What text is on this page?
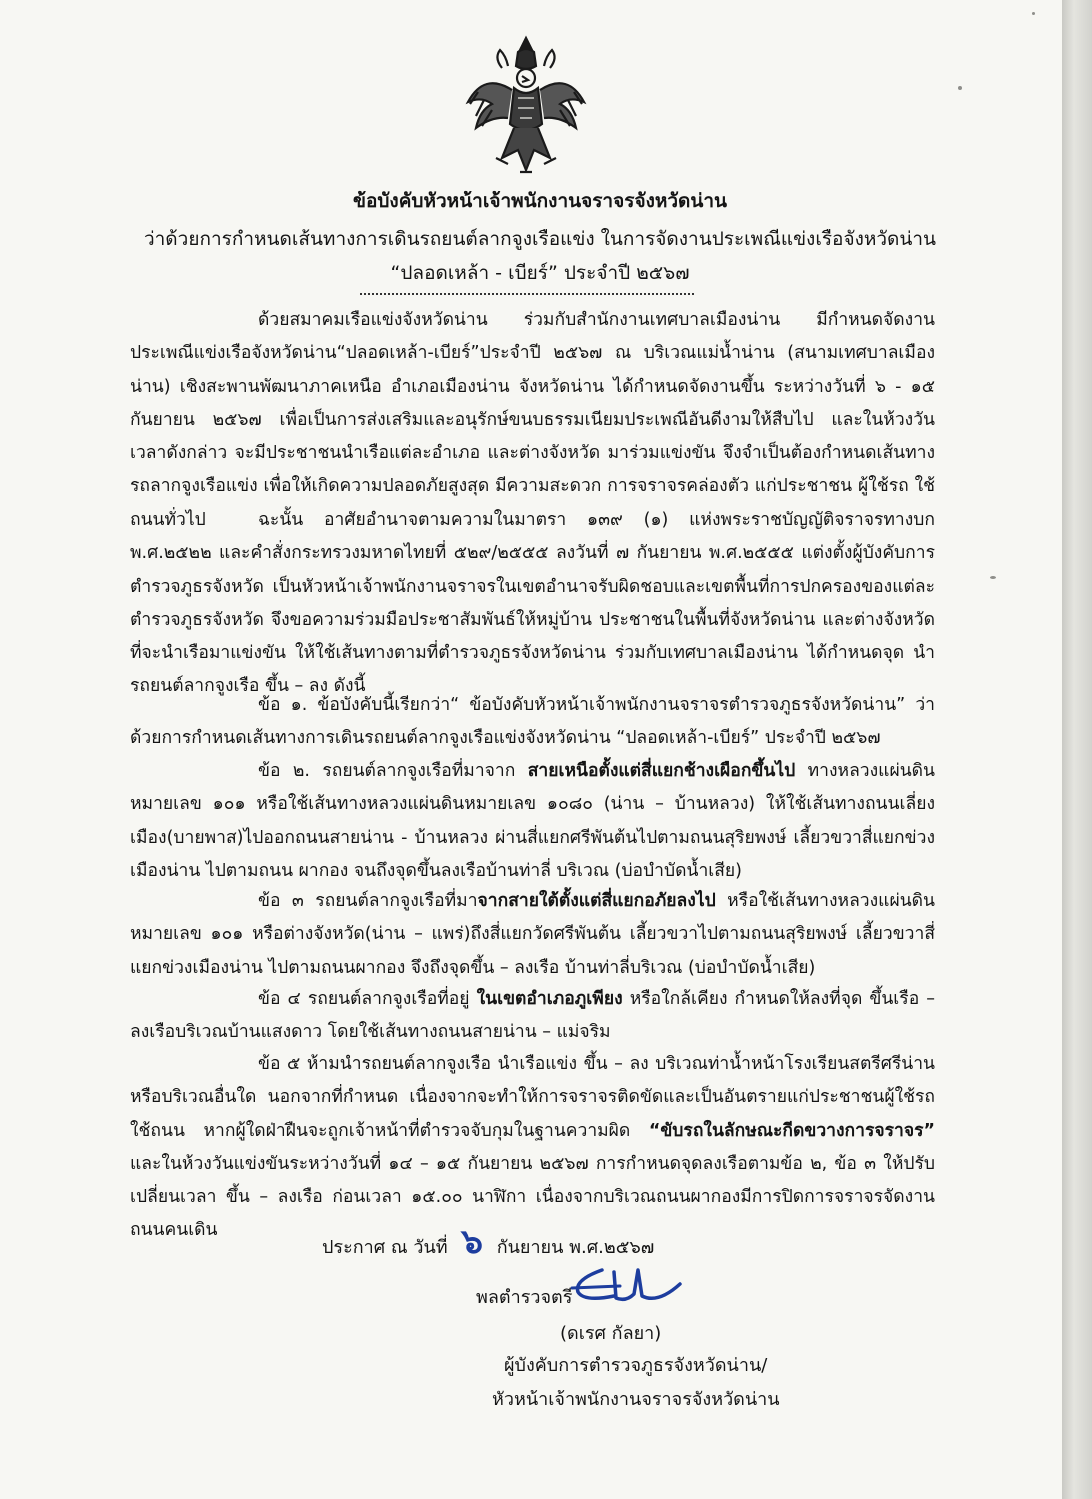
ข้อบังคับหัวหน้าเจ้าพนักงานจราจรจังหวัดน่าน
ว่าด้วยการกำหนดเส้นทางการเดินรถยนต์ลากจูงเรือแข่ง ในการจัดงานประเพณีแข่งเรือจังหวัดน่าน
“ปลอดเหล้า - เบียร์” ประจำปี ๒๕๖๗

ด้วยสมาคมเรือแข่งจังหวัดน่าน ร่วมกับสำนักงานเทศบาลเมืองน่าน มีกำหนดจัดงานประเพณีแข่งเรือจังหวัดน่าน“ปลอดเหล้า-เบียร์”ประจำปี ๒๕๖๗ ณ บริเวณแม่น้ำน่าน (สนามเทศบาลเมืองน่าน) เชิงสะพานพัฒนาภาคเหนือ อำเภอเมืองน่าน จังหวัดน่าน ได้กำหนดจัดงานขึ้น ระหว่างวันที่ ๖ - ๑๕ กันยายน ๒๕๖๗ เพื่อเป็นการส่งเสริมและอนุรักษ์ขนบธรรมเนียมประเพณีอันดีงามให้สืบไป และในห้วงวัน เวลาดังกล่าว จะมีประชาชนนำเรือแต่ละอำเภอ และต่างจังหวัด มาร่วมแข่งขัน จึงจำเป็นต้องกำหนดเส้นทางรถลากจูงเรือแข่ง เพื่อให้เกิดความปลอดภัยสูงสุด มีความสะดวก การจราจรคล่องตัว แก่ประชาชน ผู้ใช้รถ ใช้ถนนทั่วไป	ฉะนั้น อาศัยอำนาจตามความในมาตรา ๑๓๙ (๑) แห่งพระราชบัญญัติจราจรทางบก พ.ศ.๒๕๒๒ และคำสั่งกระทรวงมหาดไทยที่ ๕๒๙/๒๕๕๕ ลงวันที่ ๗ กันยายน พ.ศ.๒๕๕๕ แต่งตั้งผู้บังคับการตำรวจภูธรจังหวัด เป็นหัวหน้าเจ้าพนักงานจราจรในเขตอำนาจรับผิดชอบและเขตพื้นที่การปกครองของแต่ละตำรวจภูธรจังหวัด จึงขอความร่วมมือประชาสัมพันธ์ให้หมู่บ้าน ประชาชนในพื้นที่จังหวัดน่าน และต่างจังหวัด ที่จะนำเรือมาแข่งขัน ให้ใช้เส้นทางตามที่ตำรวจภูธรจังหวัดน่าน ร่วมกับเทศบาลเมืองน่าน ได้กำหนดจุด นำรถยนต์ลากจูงเรือ ขึ้น – ลง ดังนี้

ข้อ ๑. ข้อบังคับนี้เรียกว่า“ ข้อบังคับหัวหน้าเจ้าพนักงานจราจรตำรวจภูธรจังหวัดน่าน” ว่าด้วยการกำหนดเส้นทางการเดินรถยนต์ลากจูงเรือแข่งจังหวัดน่าน “ปลอดเหล้า-เบียร์” ประจำปี ๒๕๖๗

ข้อ ๒. รถยนต์ลากจูงเรือที่มาจาก สายเหนือตั้งแต่สี่แยกช้างเผือกขึ้นไป ทางหลวงแผ่นดินหมายเลข ๑๐๑ หรือใช้เส้นทางหลวงแผ่นดินหมายเลข ๑๐๘๐ (น่าน – บ้านหลวง) ให้ใช้เส้นทางถนนเลี่ยงเมือง(บายพาส)ไปออกถนนสายน่าน - บ้านหลวง ผ่านสี่แยกศรีพันต้นไปตามถนนสุริยพงษ์ เลี้ยวขวาสี่แยกข่วงเมืองน่าน ไปตามถนน ผากอง จนถึงจุดขึ้นลงเรือบ้านท่าลี่ บริเวณ (บ่อบำบัดน้ำเสีย)

ข้อ ๓ รถยนต์ลากจูงเรือที่มาจากสายใต้ตั้งแต่สี่แยกอภัยลงไป หรือใช้เส้นทางหลวงแผ่นดินหมายเลข ๑๐๑ หรือต่างจังหวัด(น่าน – แพร่)ถึงสี่แยกวัดศรีพันต้น เลี้ยวขวาไปตามถนนสุริยพงษ์ เลี้ยวขวาสี่แยกข่วงเมืองน่าน ไปตามถนนผากอง จึงถึงจุดขึ้น – ลงเรือ บ้านท่าลี่บริเวณ (บ่อบำบัดน้ำเสีย)

ข้อ ๔ รถยนต์ลากจูงเรือที่อยู่ ในเขตอำเภอภูเพียง หรือใกล้เคียง กำหนดให้ลงที่จุด ขึ้นเรือ – ลงเรือบริเวณบ้านแสงดาว โดยใช้เส้นทางถนนสายน่าน – แม่จริม

ข้อ ๕ ห้ามนำรถยนต์ลากจูงเรือ นำเรือแข่ง ขึ้น – ลง บริเวณท่าน้ำหน้าโรงเรียนสตรีศรีน่าน หรือบริเวณอื่นใด นอกจากที่กำหนด เนื่องจากจะทำให้การจราจรติดขัดและเป็นอันตรายแก่ประชาชนผู้ใช้รถใช้ถนน หากผู้ใดฝ่าฝืนจะถูกเจ้าหน้าที่ตำรวจจับกุมในฐานความผิด “ขับรถในลักษณะกีดขวางการจราจร” และในห้วงวันแข่งขันระหว่างวันที่ ๑๔ – ๑๕ กันยายน ๒๕๖๗ การกำหนดจุดลงเรือตามข้อ ๒, ข้อ ๓ ให้ปรับเปลี่ยนเวลา ขึ้น – ลงเรือ ก่อนเวลา ๑๕.๐๐ นาฬิกา เนื่องจากบริเวณถนนผากองมีการปิดการจราจรจัดงานถนนคนเดิน

ประกาศ ณ วันที่ ๖ กันยายน พ.ศ.๒๕๖๗
พลตำรวจตรี
(ดเรศ กัลยา)
ผู้บังคับการตำรวจภูธรจังหวัดน่าน/
หัวหน้าเจ้าพนักงานจราจรจังหวัดน่าน
